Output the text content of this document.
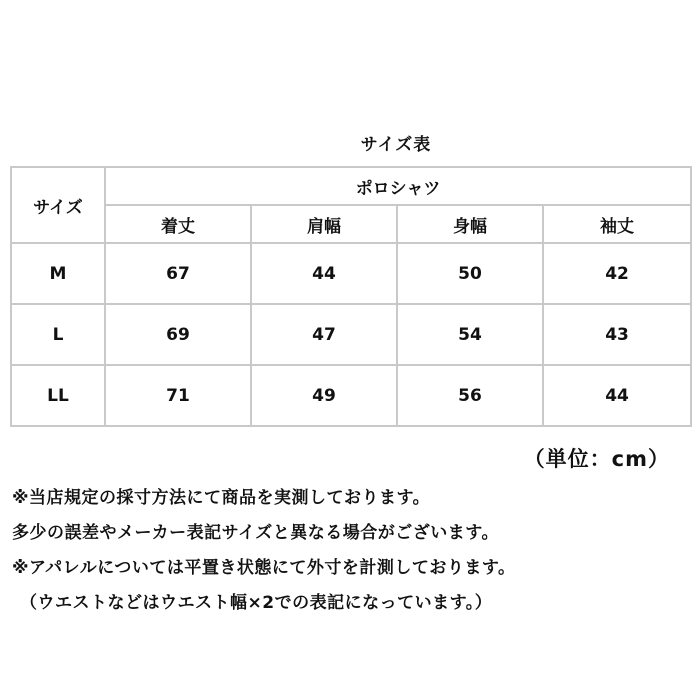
サイズ表
サイズ	ポロシャツ			
	着丈	肩幅	身幅	袖丈
M	67	44	50	42
L	69	47	54	43
LL	71	49	56	44
（単位：cm）
※当店規定の採寸方法にて商品を実測しております。
多少の誤差やメーカー表記サイズと異なる場合がございます。
※アパレルについては平置き状態にて外寸を計測しております。
（ウエストなどはウエスト幅×2での表記になっています。）
